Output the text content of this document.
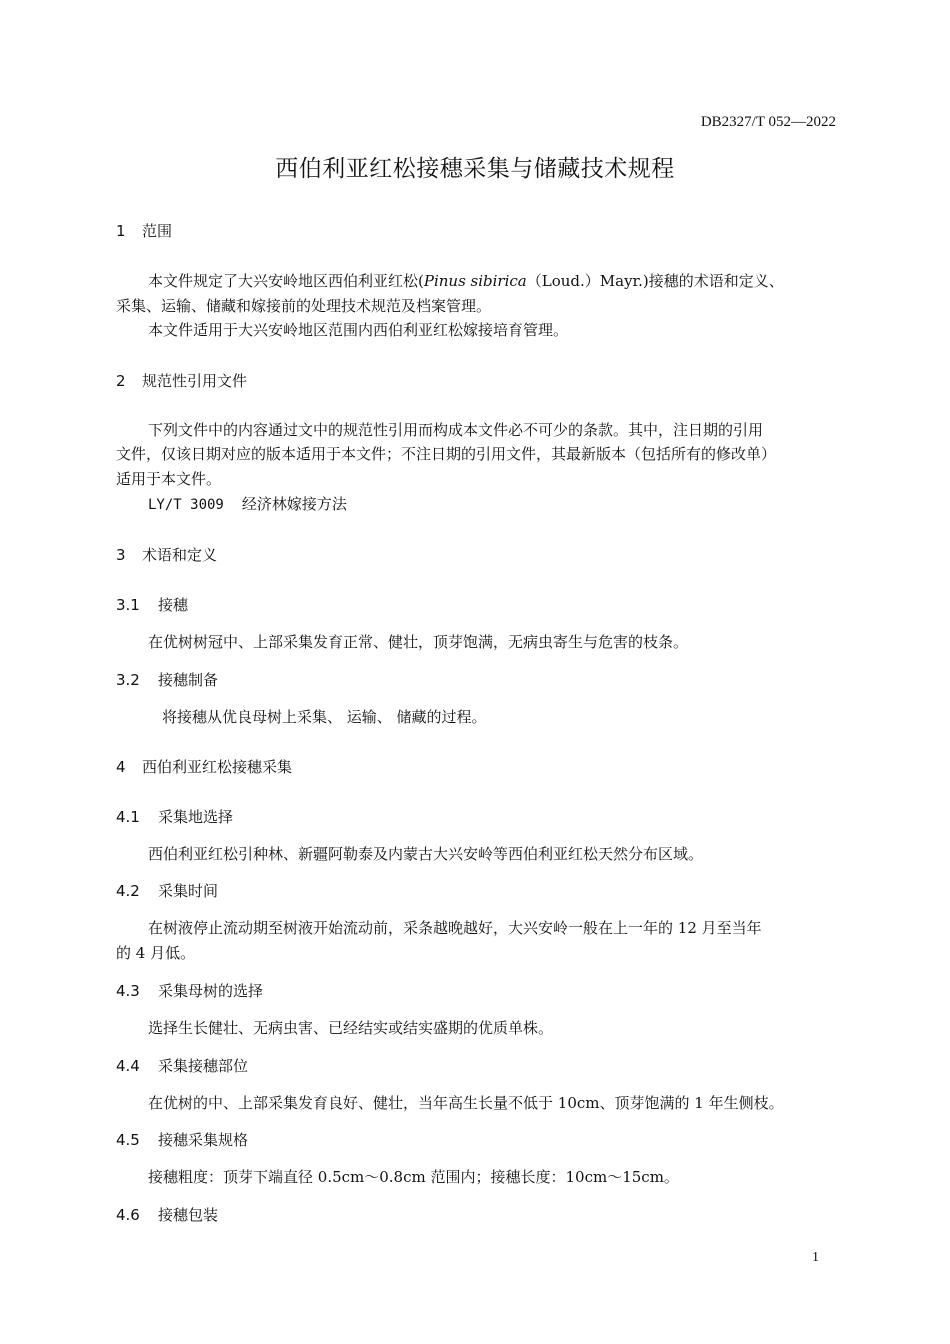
DB2327/T 052—2022
西伯利亚红松接穗采集与储藏技术规程
1 范围
本文件规定了大兴安岭地区西伯利亚红松(Pinus sibirica（Loud.）Mayr.)接穗的术语和定义、
采集、运输、储藏和嫁接前的处理技术规范及档案管理。
本文件适用于大兴安岭地区范围内西伯利亚红松嫁接培育管理。
2 规范性引用文件
下列文件中的内容通过文中的规范性引用而构成本文件必不可少的条款。其中，注日期的引用
文件，仅该日期对应的版本适用于本文件；不注日期的引用文件，其最新版本（包括所有的修改单）
适用于本文件。
LY/T 3009 经济林嫁接方法
3 术语和定义
3.1 接穗
在优树树冠中、上部采集发育正常、健壮，顶芽饱满，无病虫寄生与危害的枝条。
3.2 接穗制备
将接穗从优良母树上采集、 运输、 储藏的过程。
4 西伯利亚红松接穗采集
4.1 采集地选择
西伯利亚红松引种林、新疆阿勒泰及内蒙古大兴安岭等西伯利亚红松天然分布区域。
4.2 采集时间
在树液停止流动期至树液开始流动前，采条越晚越好，大兴安岭一般在上一年的 12 月至当年
的 4 月低。
4.3 采集母树的选择
选择生长健壮、无病虫害、已经结实或结实盛期的优质单株。
4.4 采集接穗部位
在优树的中、上部采集发育良好、健壮，当年高生长量不低于 10cm、顶芽饱满的 1 年生侧枝。
4.5 接穗采集规格
接穗粗度：顶芽下端直径 0.5cm～0.8cm 范围内；接穗长度：10cm～15cm。
4.6 接穗包装
1
